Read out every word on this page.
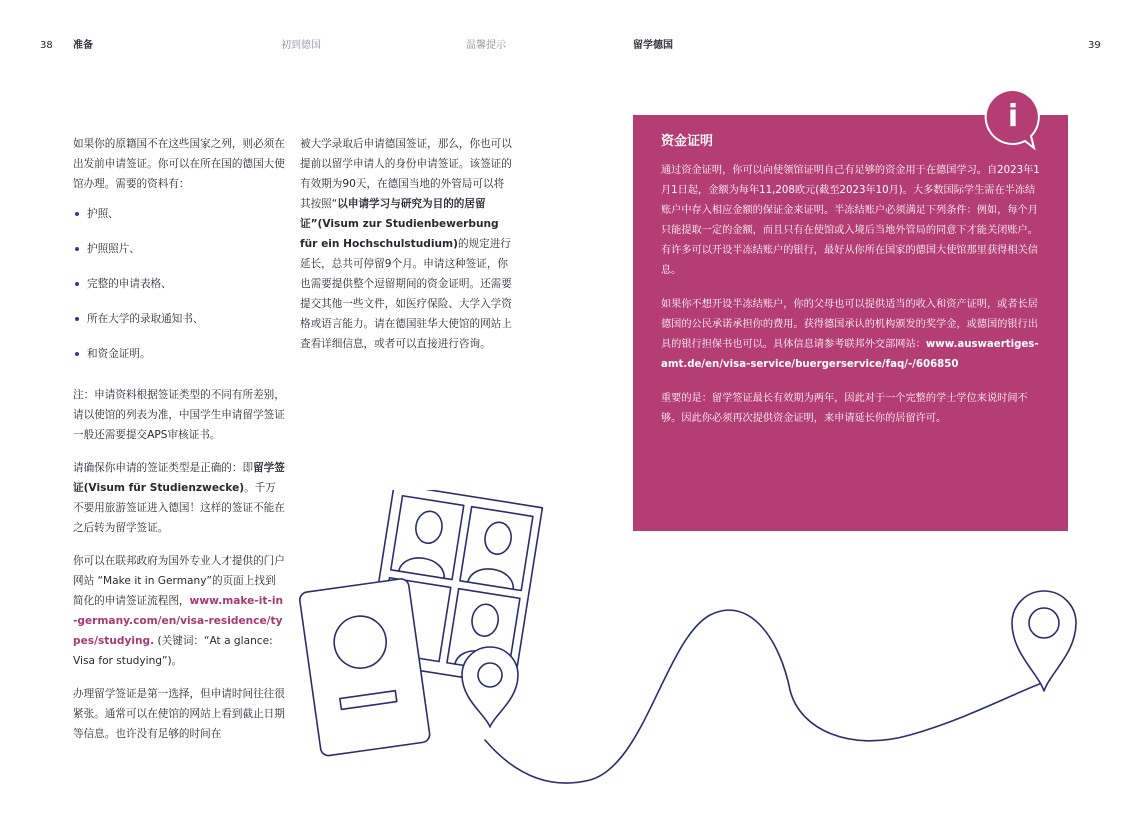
38 准备	初到德国	温馨提示	留学德国	39

如果你的原籍国不在这些国家之列，则必须在出发前申请签证。你可以在所在国的德国大使馆办理。需要的资料有：

护照、
护照照片、
完整的申请表格、
所在大学的录取通知书、
和资金证明。

注：申请资料根据签证类型的不同有所差别，请以使馆的列表为准，中国学生申请留学签证一般还需要提交APS审核证书。

请确保你申请的签证类型是正确的：即留学签证(Visum für Studienzwecke)。千万不要用旅游签证进入德国！这样的签证不能在之后转为留学签证。

你可以在联邦政府为国外专业人才提供的门户网站 “Make it in Germany”的页面上找到简化的申请签证流程图，www.make-it-in-germany.com/en/visa-residence/types/studying. (关键词：“At a glance: Visa for studying”)。

办理留学签证是第一选择，但申请时间往往很紧张。通常可以在使馆的网站上看到截止日期等信息。也许没有足够的时间在

被大学录取后申请德国签证，那么，你也可以提前以留学申请人的身份申请签证。该签证的有效期为90天，在德国当地的外管局可以将其按照“以申请学习与研究为目的的居留证”(Visum zur Studienbewerbung für ein Hochschulstudium)的规定进行延长，总共可停留9个月。申请这种签证，你也需要提供整个逗留期间的资金证明。还需要提交其他一些文件，如医疗保险、大学入学资格或语言能力。请在德国驻华大使馆的网站上查看详细信息，或者可以直接进行咨询。

资金证明

通过资金证明，你可以向使领馆证明自己有足够的资金用于在德国学习。自2023年1月1日起，金额为每年11,208欧元(截至2023年10月)。大多数国际学生需在半冻结账户中存入相应金额的保证金来证明。半冻结账户必须满足下列条件：例如，每个月只能提取一定的金额，而且只有在使馆或入境后当地外管局的同意下才能关闭账户。有许多可以开设半冻结账户的银行，最好从你所在国家的德国大使馆那里获得相关信息。

如果你不想开设半冻结账户，你的父母也可以提供适当的收入和资产证明，或者长居德国的公民承诺承担你的费用。获得德国承认的机构颁发的奖学金，或德国的银行出具的银行担保书也可以。具体信息请参考联邦外交部网站：www.auswaertiges-amt.de/en/visa-service/buergerservice/faq/-/606850

重要的是：留学签证最长有效期为两年，因此对于一个完整的学士学位来说时间不够。因此你必须再次提供资金证明，来申请延长你的居留许可。

i
